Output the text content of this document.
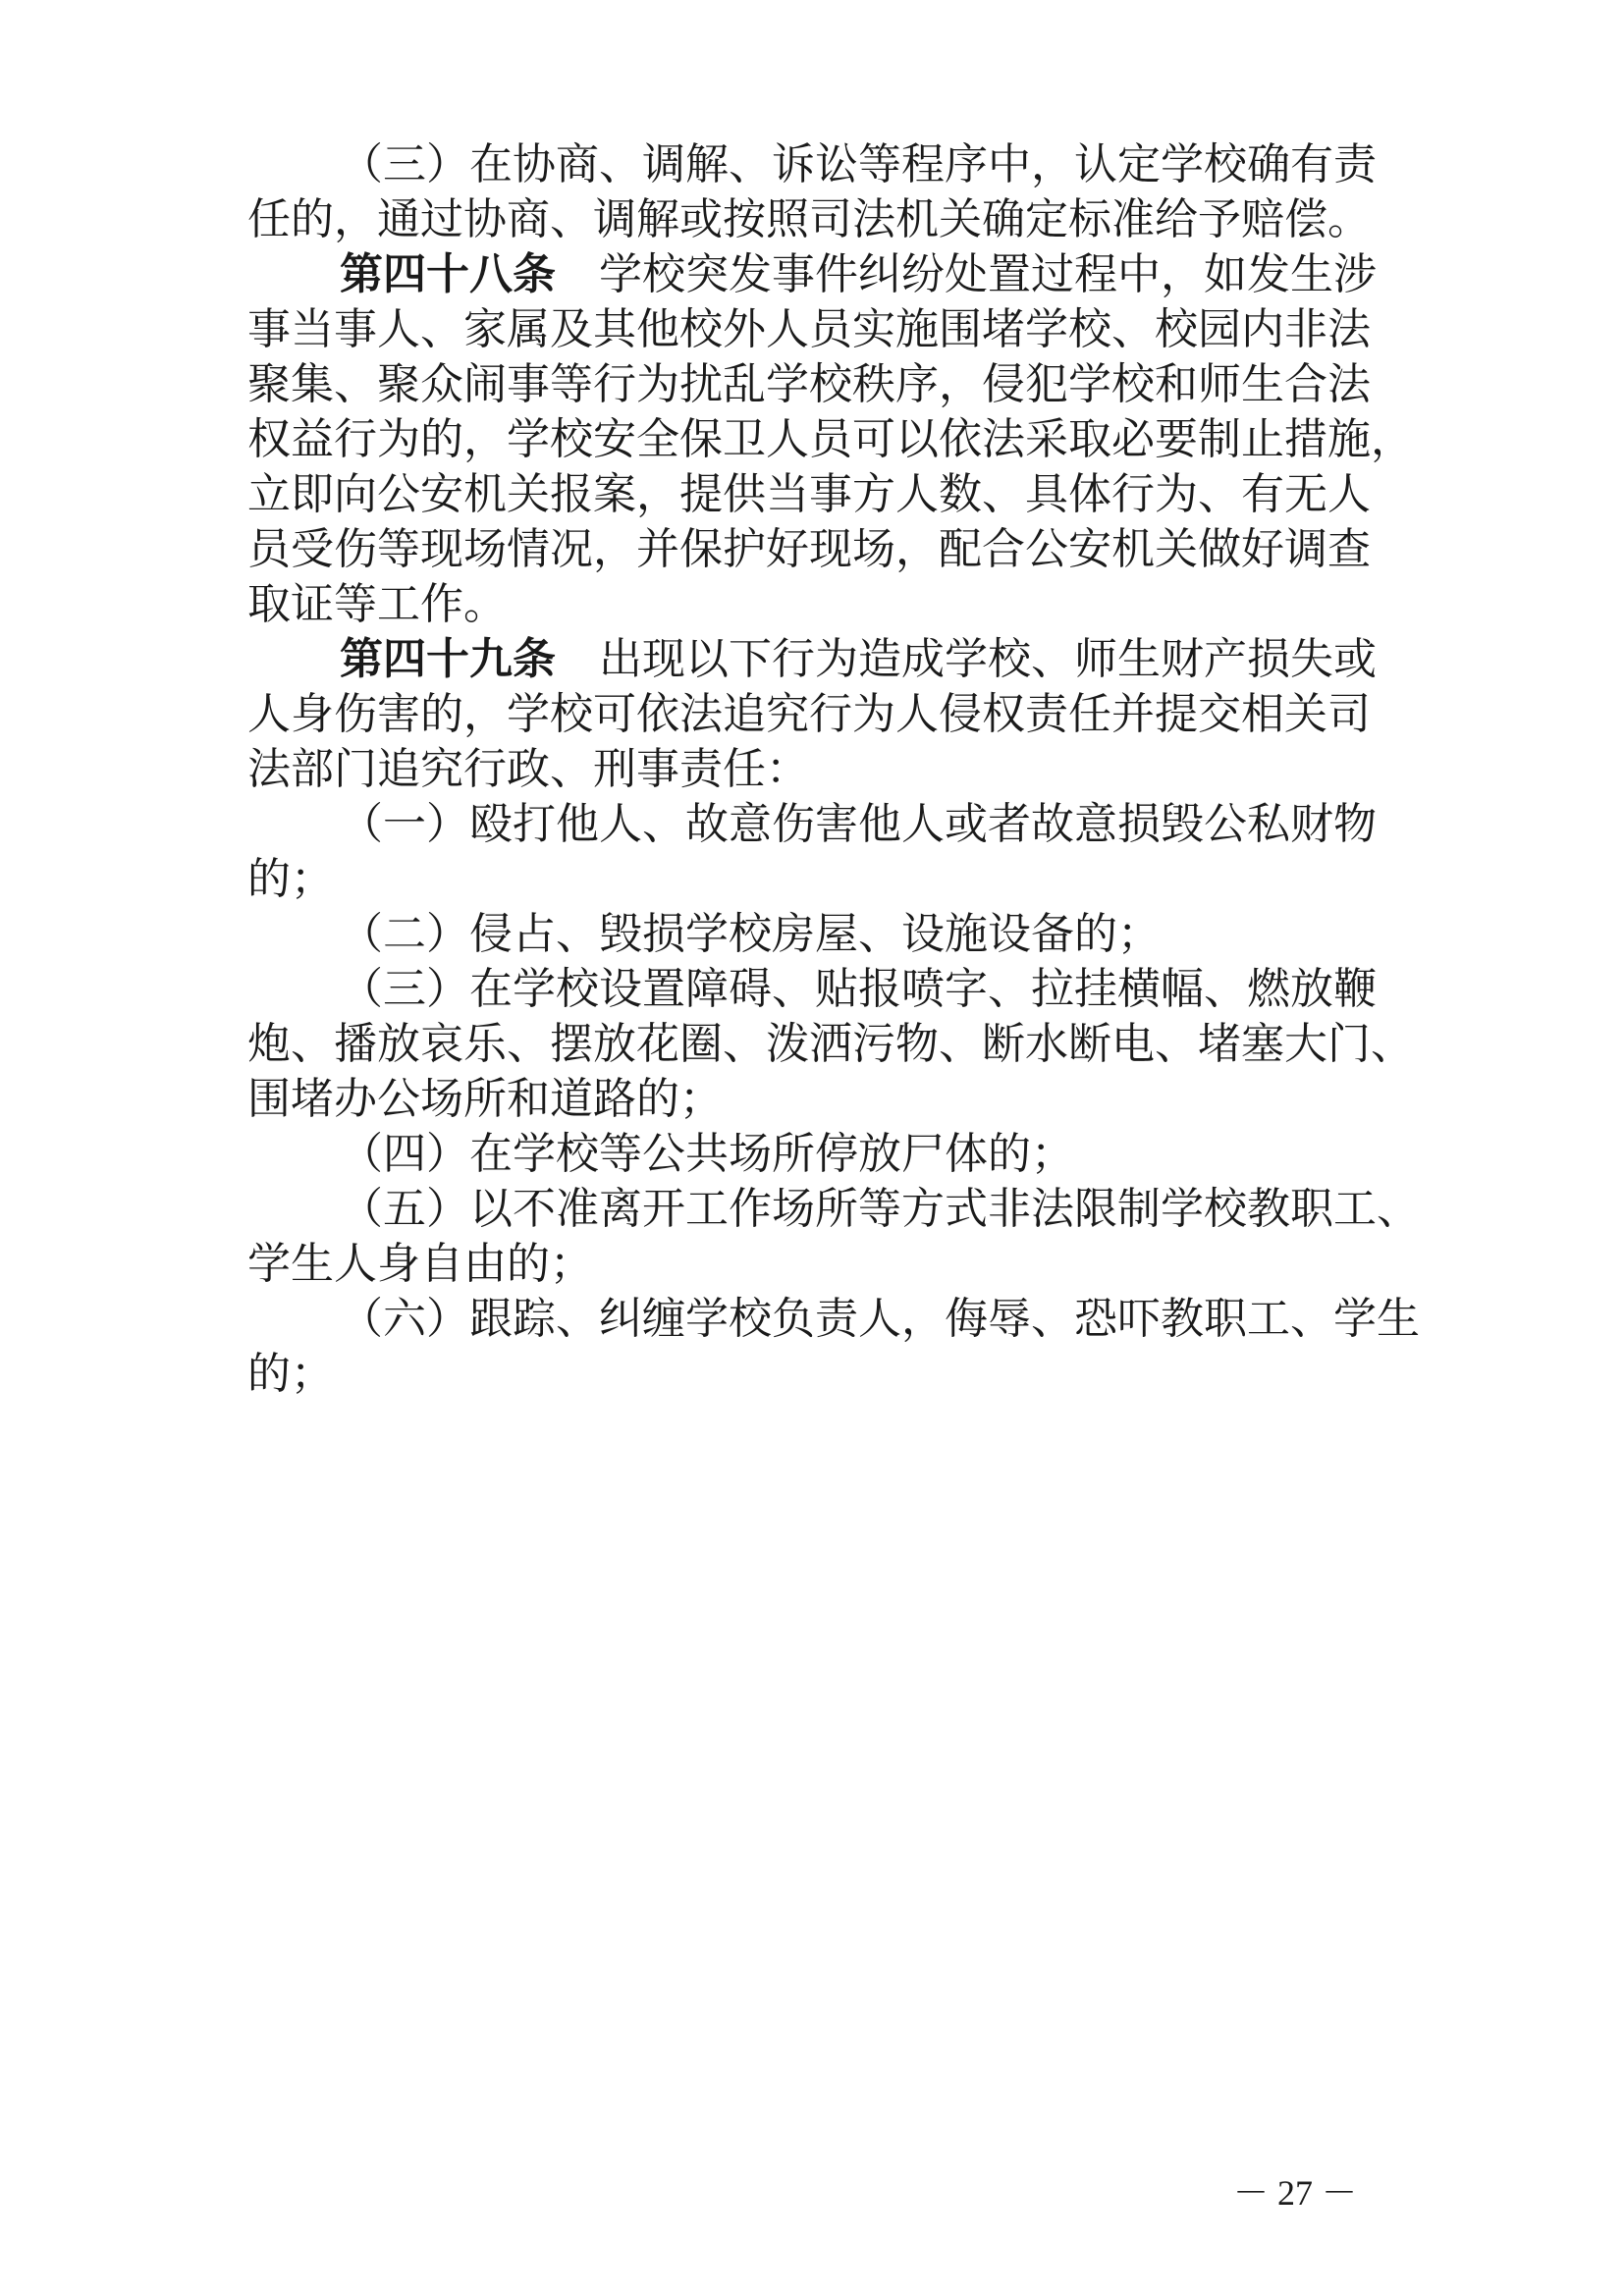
（三）在协商、调解、诉讼等程序中，认定学校确有责
任的，通过协商、调解或按照司法机关确定标准给予赔偿。
第四十八条 学校突发事件纠纷处置过程中，如发生涉
事当事人、家属及其他校外人员实施围堵学校、校园内非法
聚集、聚众闹事等行为扰乱学校秩序，侵犯学校和师生合法
权益行为的，学校安全保卫人员可以依法采取必要制止措施，
立即向公安机关报案，提供当事方人数、具体行为、有无人
员受伤等现场情况，并保护好现场，配合公安机关做好调查
取证等工作。
第四十九条 出现以下行为造成学校、师生财产损失或
人身伤害的，学校可依法追究行为人侵权责任并提交相关司
法部门追究行政、刑事责任：
（一）殴打他人、故意伤害他人或者故意损毁公私财物
的；
（二）侵占、毁损学校房屋、设施设备的；
（三）在学校设置障碍、贴报喷字、拉挂横幅、燃放鞭
炮、播放哀乐、摆放花圈、泼洒污物、断水断电、堵塞大门、
围堵办公场所和道路的；
（四）在学校等公共场所停放尸体的；
（五）以不准离开工作场所等方式非法限制学校教职工、
学生人身自由的；
（六）跟踪、纠缠学校负责人，侮辱、恐吓教职工、学生
的；
－ 27 －
